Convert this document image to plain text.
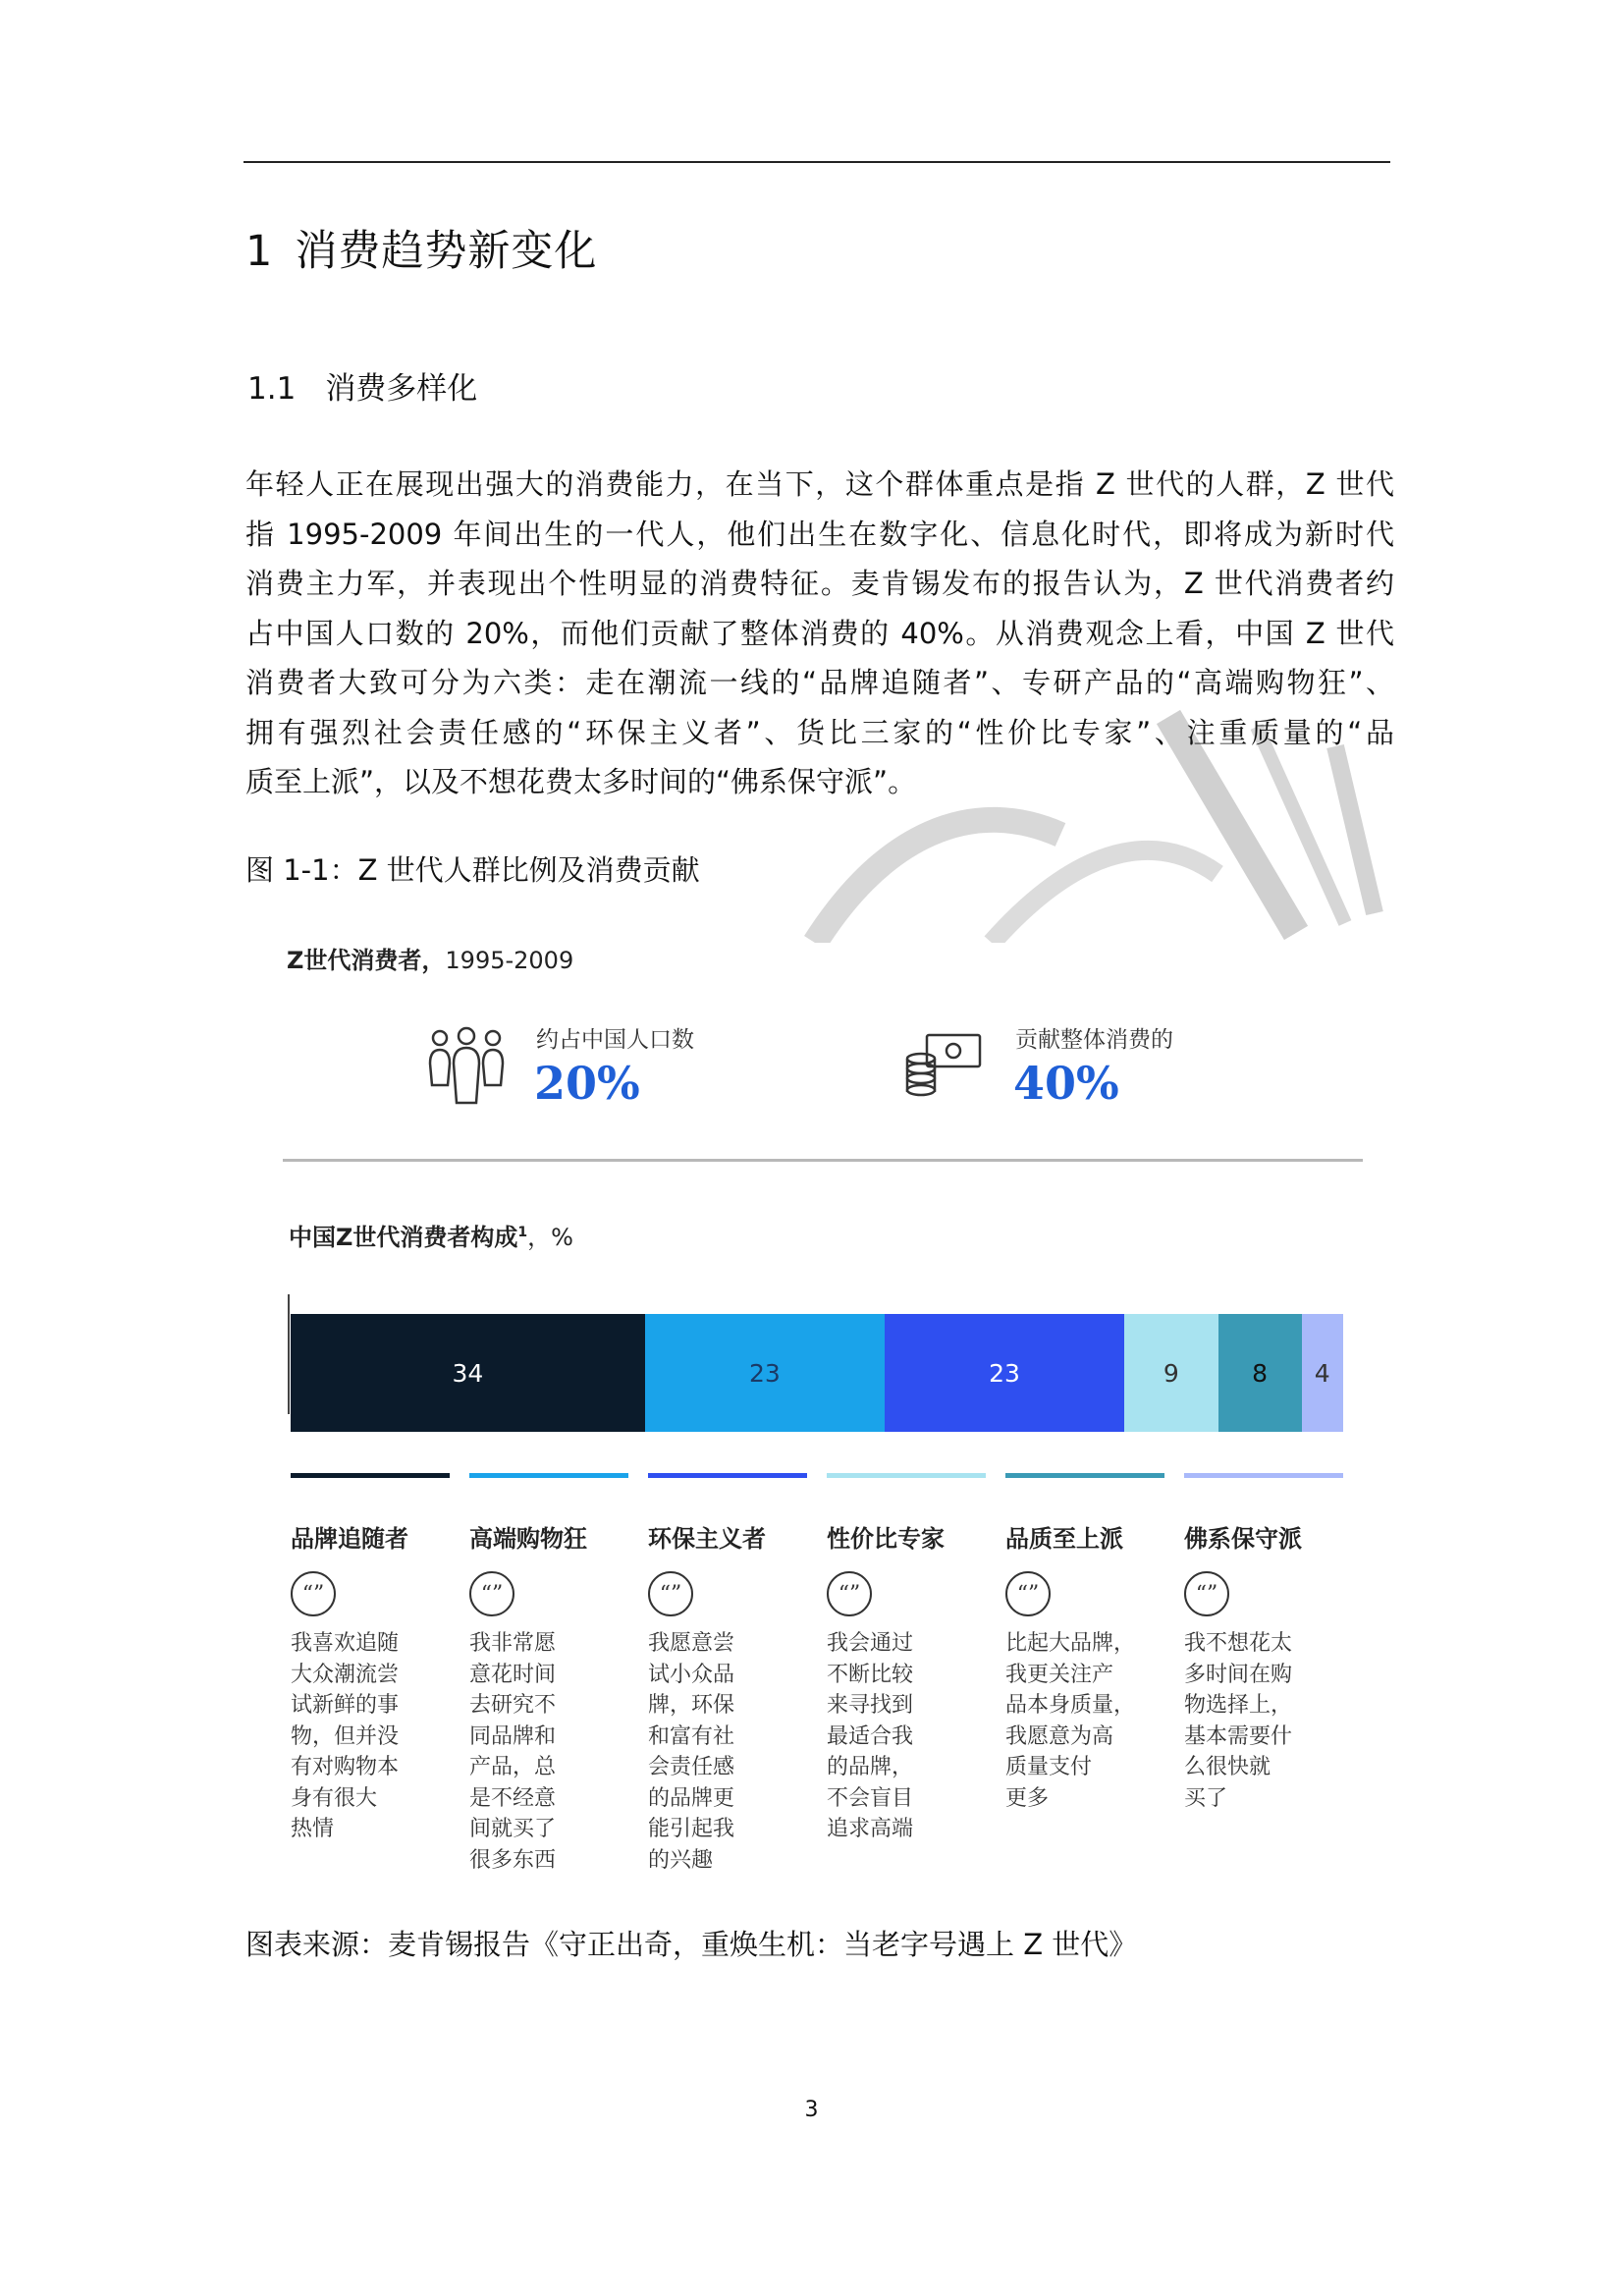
1 消费趋势新变化
1.1 消费多样化
年轻人正在展现出强大的消费能力，在当下，这个群体重点是指 Z 世代的人群，Z 世代
指 1995-2009 年间出生的一代人，他们出生在数字化、信息化时代，即将成为新时代
消费主力军，并表现出个性明显的消费特征。麦肯锡发布的报告认为，Z 世代消费者约
占中国人口数的 20%，而他们贡献了整体消费的 40%。从消费观念上看，中国 Z 世代
消费者大致可分为六类：走在潮流一线的“品牌追随者”、专研产品的“高端购物狂”、
拥有强烈社会责任感的“环保主义者”、货比三家的“性价比专家”、注重质量的“品
质至上派”，以及不想花费太多时间的“佛系保守派”。
图 1-1：Z 世代人群比例及消费贡献
Z世代消费者，1995-2009
约占中国人口数
20%
贡献整体消费的
40%
中国Z世代消费者构成$^1$，%
34	23	23	9	8 4
品牌追随者
“”
我喜欢追随
大众潮流尝
试新鲜的事
物，但并没
有对购物本
身有很大
热情
高端购物狂
“”
我非常愿
意花时间
去研究不
同品牌和
产品，总
是不经意
间就买了
很多东西
环保主义者
“”
我愿意尝
试小众品
牌，环保
和富有社
会责任感
的品牌更
能引起我
的兴趣
性价比专家
“”
我会通过
不断比较
来寻找到
最适合我
的品牌，
不会盲目
追求高端
品质至上派
“”
比起大品牌，
我更关注产
品本身质量，
我愿意为高
质量支付
更多
佛系保守派
“”
我不想花太
多时间在购
物选择上，
基本需要什
么很快就
买了
图表来源：麦肯锡报告《守正出奇，重焕生机：当老字号遇上 Z 世代》
3
